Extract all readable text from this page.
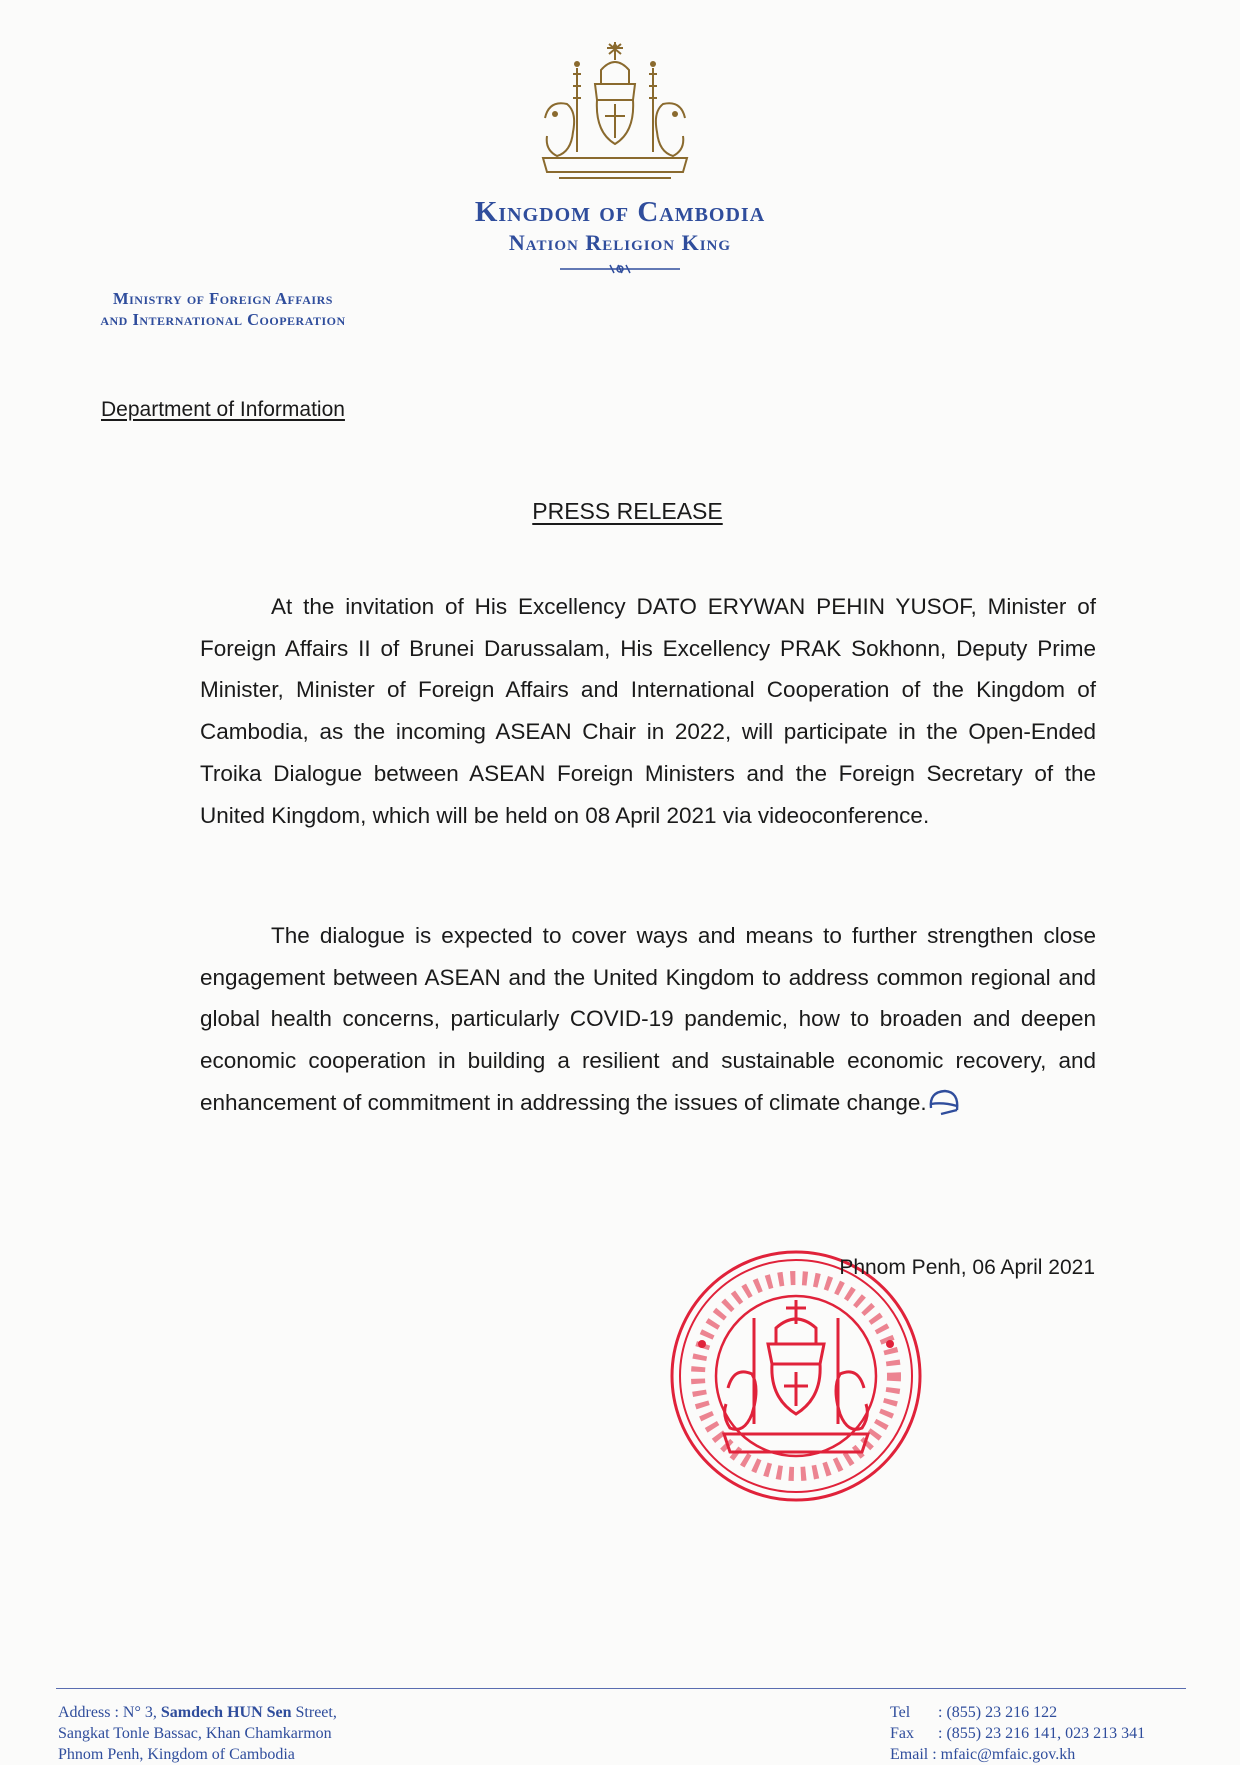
Kingdom of Cambodia
Nation Religion King
Ministry of Foreign Affairs
and International Cooperation
Department of Information
PRESS RELEASE
At the invitation of His Excellency DATO ERYWAN PEHIN YUSOF, Minister of Foreign Affairs II of Brunei Darussalam, His Excellency PRAK Sokhonn, Deputy Prime Minister, Minister of Foreign Affairs and International Cooperation of the Kingdom of Cambodia, as the incoming ASEAN Chair in 2022, will participate in the Open-Ended Troika Dialogue between ASEAN Foreign Ministers and the Foreign Secretary of the United Kingdom, which will be held on 08 April 2021 via videoconference.
The dialogue is expected to cover ways and means to further strengthen close engagement between ASEAN and the United Kingdom to address common regional and global health concerns, particularly COVID-19 pandemic, how to broaden and deepen economic cooperation in building a resilient and sustainable economic recovery, and enhancement of commitment in addressing the issues of climate change.
Phnom Penh, 06 April 2021
Address : N° 3, Samdech HUN Sen Street,
Sangkat Tonle Bassac, Khan Chamkarmon
Phnom Penh, Kingdom of Cambodia
Tel : (855) 23 216 122
Fax : (855) 23 216 141, 023 213 341
Email : mfaic@mfaic.gov.kh
